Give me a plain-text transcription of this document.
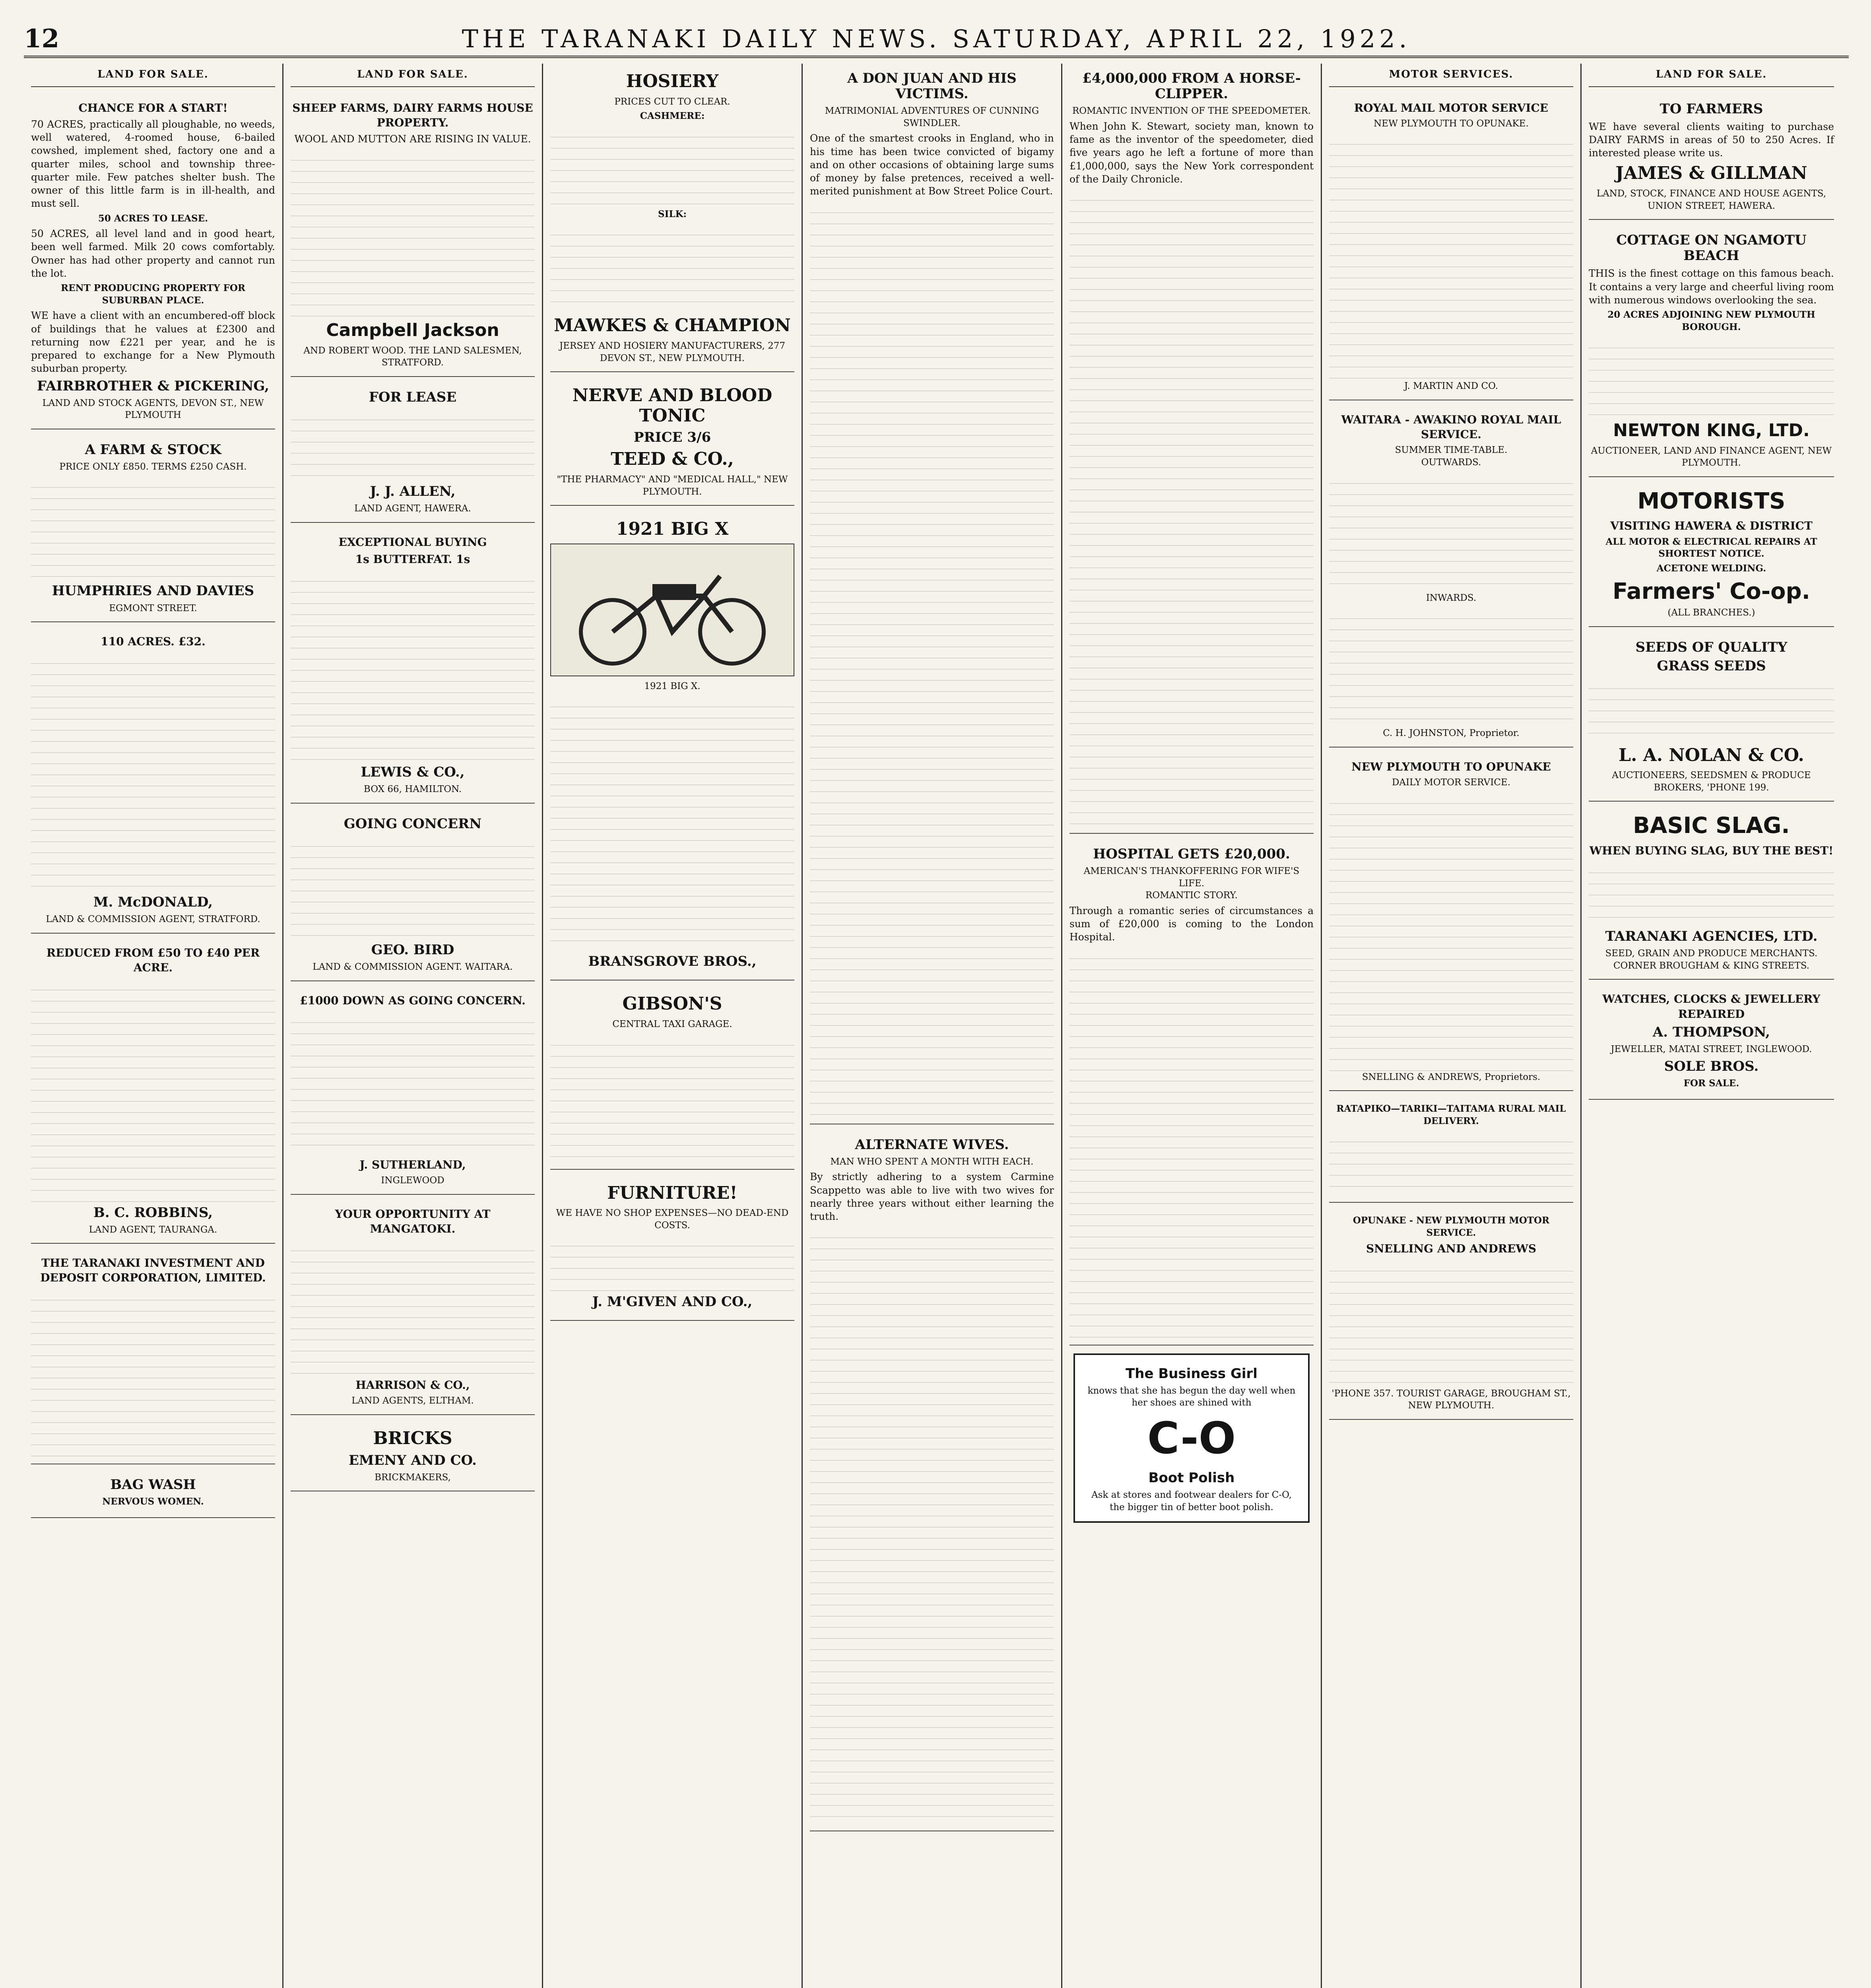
12	THE TARANAKI DAILY NEWS. SATURDAY, APRIL 22, 1922.
LAND FOR SALE.
CHANCE FOR A START!

70 ACRES, practically all ploughable, no weeds, well watered, 4-roomed house, 6-bailed cowshed, implement shed, factory one and a quarter miles, school and township three-quarter mile. Few patches shelter bush. The owner of this little farm is in ill-health, and must sell.

50 ACRES TO LEASE.

50 ACRES, all level land and in good heart, been well farmed. Milk 20 cows comfortably. Owner has had other property and cannot run the lot.

RENT PRODUCING PROPERTY FOR SUBURBAN PLACE.

WE have a client with an encumbered-off block of buildings that he values at £2300 and returning now £221 per year, and he is prepared to exchange for a New Plymouth suburban property.

FAIRBROTHER & PICKERING,
LAND AND STOCK AGENTS, DEVON ST., NEW PLYMOUTH
A FARM & STOCK
PRICE ONLY £850. TERMS £250 CASH.
HUMPHRIES AND DAVIES
EGMONT STREET.
110 ACRES. £32.
M. McDONALD,
LAND & COMMISSION AGENT, STRATFORD.
REDUCED FROM £50 TO £40 PER ACRE.
B. C. ROBBINS,
LAND AGENT, TAURANGA.
THE TARANAKI INVESTMENT AND DEPOSIT CORPORATION, LIMITED.
BAG WASH
NERVOUS WOMEN.
LAND FOR SALE.
SHEEP FARMS, DAIRY FARMS HOUSE PROPERTY.

WOOL AND MUTTON ARE RISING IN VALUE.

Campbell Jackson
AND ROBERT WOOD. THE LAND SALESMEN, STRATFORD.
FOR LEASE
J. J. ALLEN,
LAND AGENT, HAWERA.
EXCEPTIONAL BUYING
1s BUTTERFAT. 1s
LEWIS & CO.,
BOX 66, HAMILTON.
GOING CONCERN
GEO. BIRD
LAND & COMMISSION AGENT. WAITARA.
£1000 DOWN AS GOING CONCERN.
J. SUTHERLAND,
INGLEWOOD
YOUR OPPORTUNITY AT MANGATOKI.
HARRISON & CO.,
LAND AGENTS, ELTHAM.
BRICKS
EMENY AND CO.
BRICKMAKERS,
HOSIERY
PRICES CUT TO CLEAR.
CASHMERE:
SILK:
MAWKES & CHAMPION
JERSEY AND HOSIERY MANUFACTURERS, 277 DEVON ST., NEW PLYMOUTH.
NERVE AND BLOOD TONIC
PRICE 3/6
TEED & CO.,
"THE PHARMACY" AND "MEDICAL HALL," NEW PLYMOUTH.
1921 BIG X
1921 BIG X.
BRANSGROVE BROS.,
GIBSON'S
CENTRAL TAXI GARAGE.
FURNITURE!
WE HAVE NO SHOP EXPENSES—NO DEAD-END COSTS.
J. M'GIVEN AND CO.,
A DON JUAN AND HIS VICTIMS.
MATRIMONIAL ADVENTURES OF CUNNING SWINDLER.

One of the smartest crooks in England, who in his time has been twice convicted of bigamy and on other occasions of obtaining large sums of money by false pretences, received a well-merited punishment at Bow Street Police Court.

ALTERNATE WIVES.
MAN WHO SPENT A MONTH WITH EACH.

By strictly adhering to a system Carmine Scappetto was able to live with two wives for nearly three years without either learning the truth.

£4,000,000 FROM A HORSE-CLIPPER.
ROMANTIC INVENTION OF THE SPEEDOMETER.

When John K. Stewart, society man, known to fame as the inventor of the speedometer, died five years ago he left a fortune of more than £1,000,000, says the New York correspondent of the Daily Chronicle.

HOSPITAL GETS £20,000.
AMERICAN'S THANKOFFERING FOR WIFE'S LIFE.
ROMANTIC STORY.

Through a romantic series of circumstances a sum of £20,000 is coming to the London Hospital.

The Business Girl
knows that she has begun the day well when her shoes are shined with
C-O
Boot Polish
Ask at stores and footwear dealers for C-O, the bigger tin of better boot polish.
MOTOR SERVICES.
ROYAL MAIL MOTOR SERVICE
NEW PLYMOUTH TO OPUNAKE.
J. MARTIN AND CO.
WAITARA - AWAKINO ROYAL MAIL SERVICE.
SUMMER TIME-TABLE.
OUTWARDS.
INWARDS.
C. H. JOHNSTON, Proprietor.
NEW PLYMOUTH TO OPUNAKE
DAILY MOTOR SERVICE.
SNELLING & ANDREWS, Proprietors.
RATAPIKO—TARIKI—TAITAMA RURAL MAIL DELIVERY.
OPUNAKE - NEW PLYMOUTH MOTOR SERVICE.
SNELLING AND ANDREWS
'PHONE 357. TOURIST GARAGE, BROUGHAM ST., NEW PLYMOUTH.
LAND FOR SALE.
TO FARMERS

WE have several clients waiting to purchase DAIRY FARMS in areas of 50 to 250 Acres. If interested please write us.

JAMES & GILLMAN
LAND, STOCK, FINANCE AND HOUSE AGENTS, UNION STREET, HAWERA.
COTTAGE ON NGAMOTU BEACH

THIS is the finest cottage on this famous beach. It contains a very large and cheerful living room with numerous windows overlooking the sea.

20 ACRES ADJOINING NEW PLYMOUTH BOROUGH.
NEWTON KING, LTD.
AUCTIONEER, LAND AND FINANCE AGENT, NEW PLYMOUTH.
MOTORISTS
VISITING HAWERA & DISTRICT
ALL MOTOR & ELECTRICAL REPAIRS AT SHORTEST NOTICE.
ACETONE WELDING.
Farmers' Co-op.
(ALL BRANCHES.)
SEEDS OF QUALITY
GRASS SEEDS
L. A. NOLAN & CO.
AUCTIONEERS, SEEDSMEN & PRODUCE BROKERS, 'PHONE 199.
BASIC SLAG.
WHEN BUYING SLAG, BUY THE BEST!
TARANAKI AGENCIES, LTD.
SEED, GRAIN AND PRODUCE MERCHANTS. CORNER BROUGHAM & KING STREETS.
WATCHES, CLOCKS & JEWELLERY REPAIRED
A. THOMPSON,
JEWELLER, MATAI STREET, INGLEWOOD.
SOLE BROS.
FOR SALE.
